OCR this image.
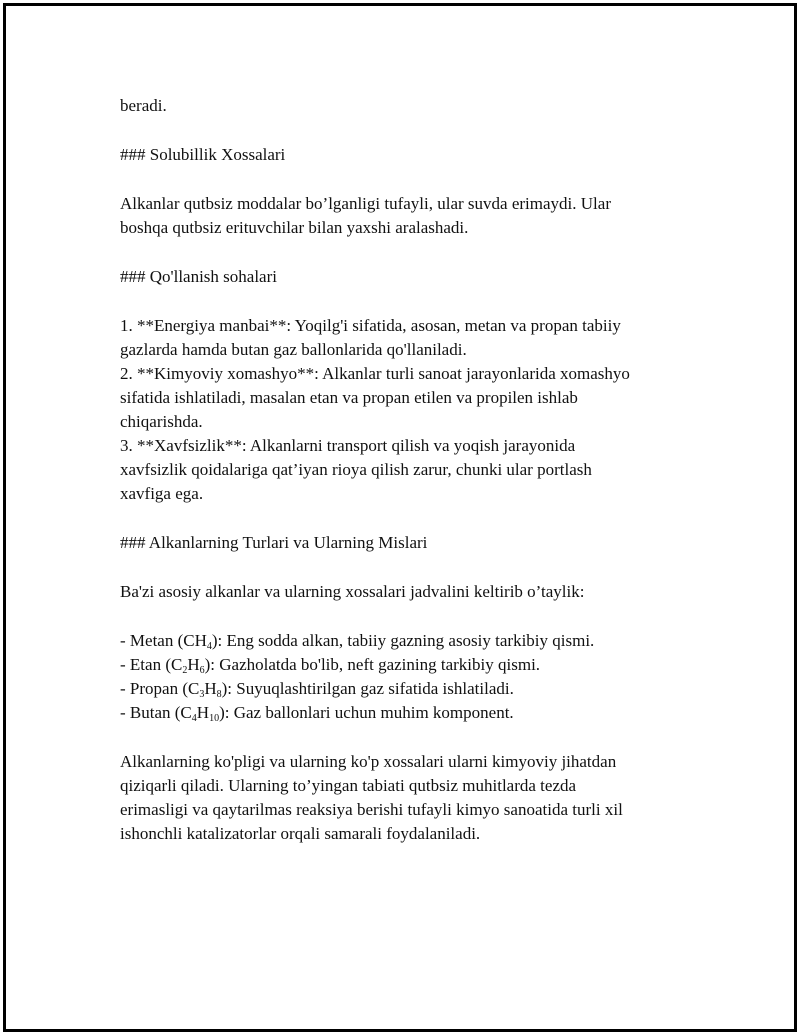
beradi.
### Solubillik Xossalari
Alkanlar qutbsiz moddalar bo’lganligi tufayli, ular suvda erimaydi. Ular
boshqa qutbsiz erituvchilar bilan yaxshi aralashadi.
### Qo'llanish sohalari
1. **Energiya manbai**: Yoqilg'i sifatida, asosan, metan va propan tabiiy
gazlarda hamda butan gaz ballonlarida qo'llaniladi.
2. **Kimyoviy xomashyo**: Alkanlar turli sanoat jarayonlarida xomashyo
sifatida ishlatiladi, masalan etan va propan etilen va propilen ishlab
chiqarishda.
3. **Xavfsizlik**: Alkanlarni transport qilish va yoqish jarayonida
xavfsizlik qoidalariga qat’iyan rioya qilish zarur, chunki ular portlash
xavfiga ega.
### Alkanlarning Turlari va Ularning Mislari
Ba'zi asosiy alkanlar va ularning xossalari jadvalini keltirib o’taylik:
- Metan $(CH_4)$: Eng sodda alkan, tabiiy gazning asosiy tarkibiy qismi.
- Etan $(C_2H_6)$: Gazholatda bo'lib, neft gazining tarkibiy qismi.
- Propan $(C_3H_8)$: Suyuqlashtirilgan gaz sifatida ishlatiladi.
- Butan $(C_4H_{10})$: Gaz ballonlari uchun muhim komponent.
Alkanlarning ko'pligi va ularning ko'p xossalari ularni kimyoviy jihatdan
qiziqarli qiladi. Ularning to’yingan tabiati qutbsiz muhitlarda tezda
erimasligi va qaytarilmas reaksiya berishi tufayli kimyo sanoatida turli xil
ishonchli katalizatorlar orqali samarali foydalaniladi.
